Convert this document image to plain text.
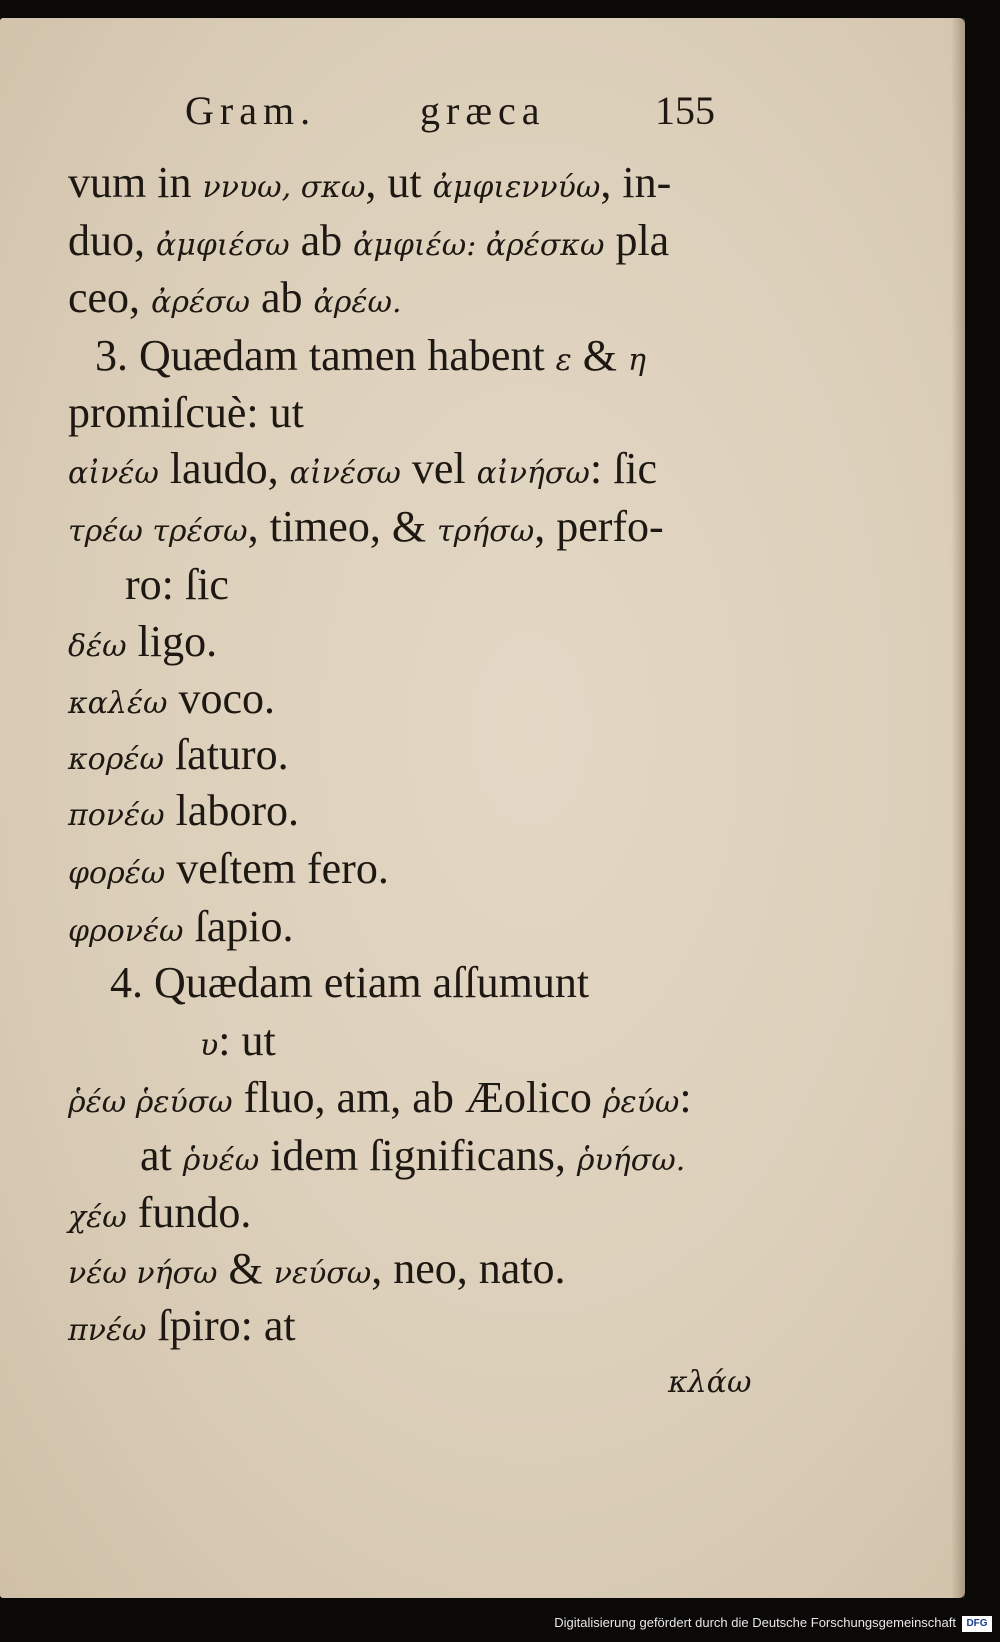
Gram.	græca	155
vum in ννυω, σκω, ut ἀμφιεννύω, in-
duo, ἀμφιέσω ab ἀμφιέω: ἀρέσκω pla
ceo, ἀρέσω ab ἀρέω.
3. Quædam tamen habent ε & η
promiſcuè: ut
αἰνέω laudo, αἰνέσω vel αἰνήσω: ſic
τρέω τρέσω, timeo, & τρήσω, perfo-
ro: ſic
δέω ligo.
καλέω voco.
κορέω ſaturo.
πονέω laboro.
φορέω veſtem fero.
φρονέω ſapio.
4. Quædam etiam aſſumunt
υ: ut
ῥέω ῥεύσω fluo, am, ab Æolico ῥεύω:
at ῥυέω idem ſignificans, ῥυήσω.
χέω fundo.
νέω νήσω & νεύσω, neo, nato.
πνέω ſpiro: at
κλάω
Digitalisierung gefördert durch die Deutsche Forschungsgemeinschaft	DFG
